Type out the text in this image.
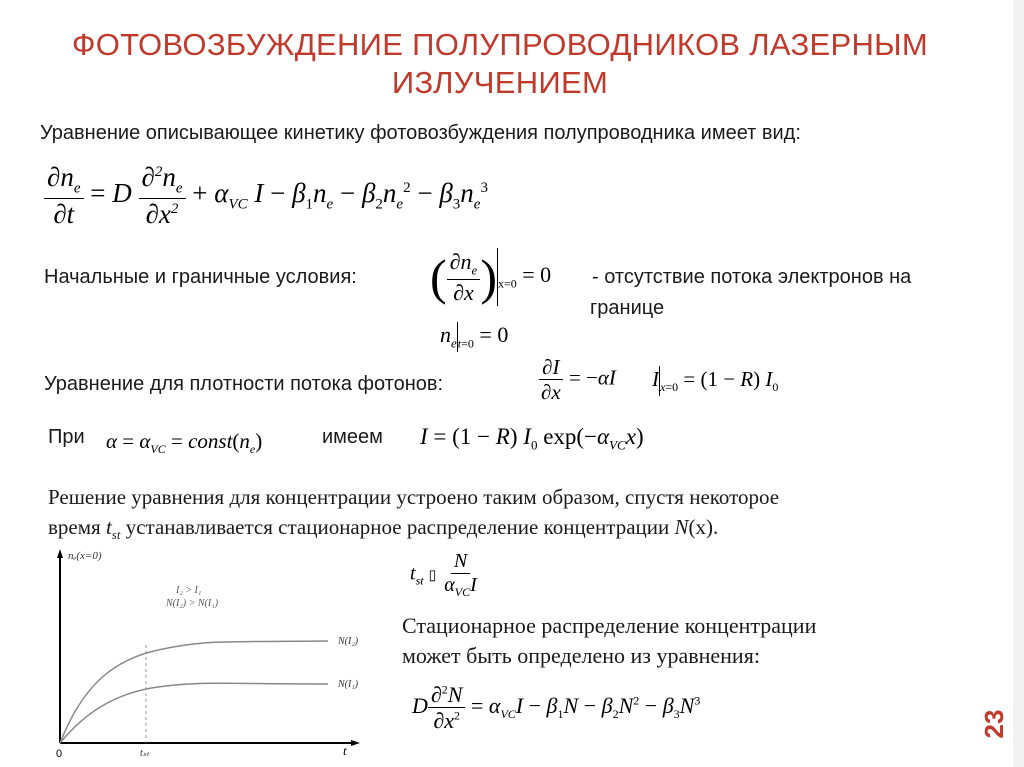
ФОТОВОЗБУЖДЕНИЕ ПОЛУПРОВОДНИКОВ ЛАЗЕРНЫМ ИЗЛУЧЕНИЕМ
Уравнение описывающее кинетику фотовозбуждения полупроводника имеет вид:
$\frac{\partial n_e}{\partial t} = D \frac{\partial^2n_e}{\partial x^2} + \alpha_{VC}$ $I - \beta_1n_e - \beta_2n_e^2 - \beta_3n_e^3$
Начальные и граничные условия: ( $\frac{\partial n_e}{\partial x} )_{x=0} = 0$ - отсутствие потока электронов на
границе
$n_{et=0} = 0$
Уравнение для плотности потока фотонов:	$\frac{\partial I}{\partial x} = -\alpha I$ $I_{x=0} = (1 - R)$ $I_0$
При $\alpha = \alpha_{VC}$ = $const(n_e)$	имеем I = (1 − R) $I_0$ $\exp(-\alpha_{VC}x)$
Решение уравнения для концентрации устроено таким образом, спустя некоторое
время $t_{st}$ устанавливается стационарное распределение концентрации N(x).
$t_{st}$ ▯ $\frac{N}{\alpha_{VC}I}$
Стационарное распределение концентрации
может быть определено из уравнения:
D $\frac{\partial^2N}{\partial x^2} = \alpha_{VC}I - \beta_1N - \beta_2N^2 - \beta_3N^3$
nₑ(x=0)
I₂ > I₁
N(I₂) > N(I₁)
N(I₂)
N(I₁)
0	tₛₜ	t
23
